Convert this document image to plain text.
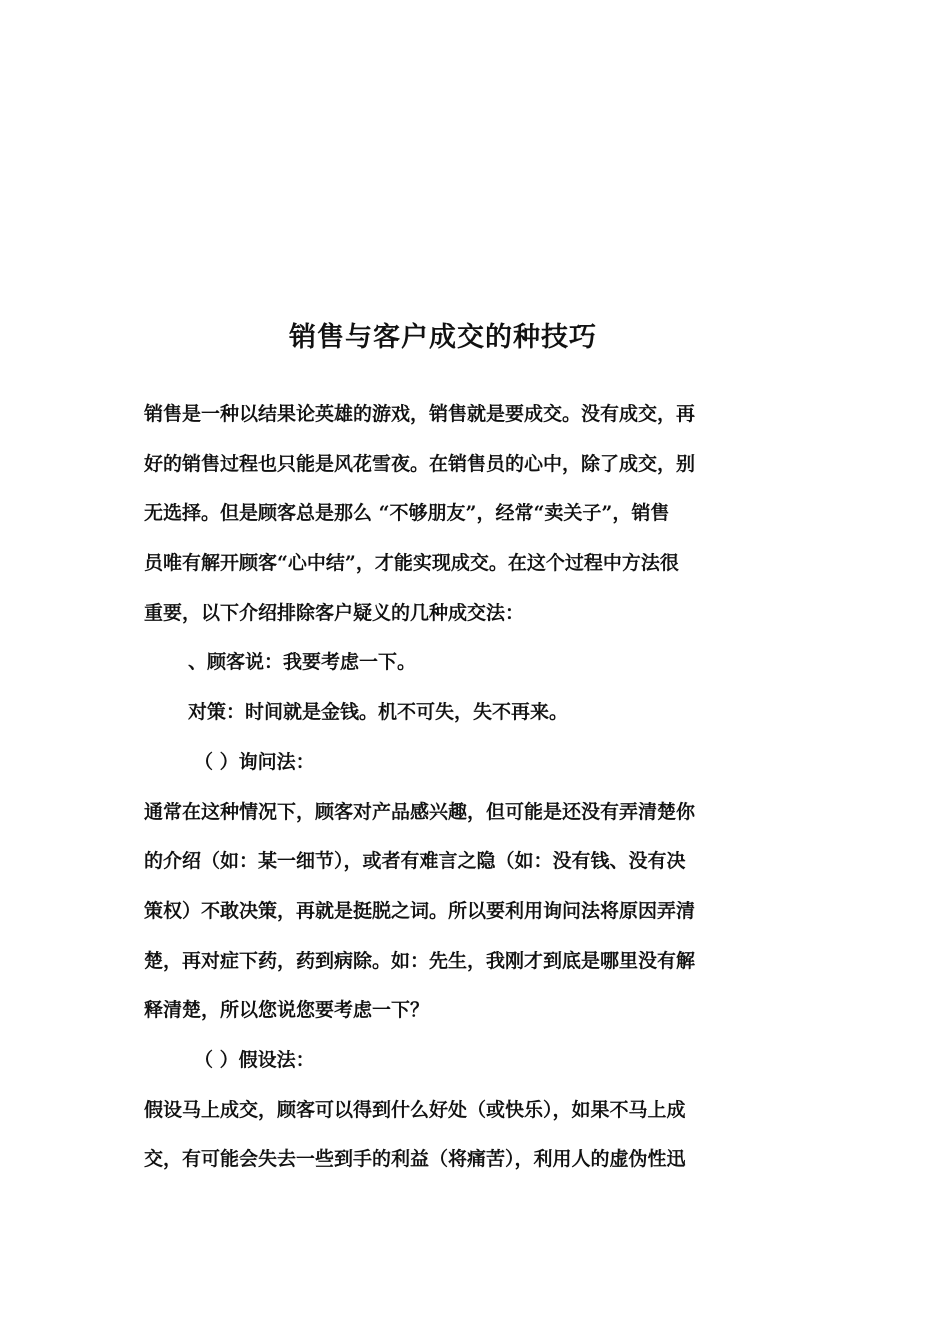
销售与客户成交的种技巧
销售是一种以结果论英雄的游戏，销售就是要成交。没有成交，再
好的销售过程也只能是风花雪夜。在销售员的心中，除了成交，别
无选择。但是顾客总是那么 “不够朋友”，经常“卖关子”，销售
员唯有解开顾客“心中结”，才能实现成交。在这个过程中方法很
重要，以下介绍排除客户疑义的几种成交法：
、顾客说：我要考虑一下。
对策：时间就是金钱。机不可失，失不再来。
（ ）询问法：
通常在这种情况下，顾客对产品感兴趣，但可能是还没有弄清楚你
的介绍（如：某一细节），或者有难言之隐（如：没有钱、没有决
策权）不敢决策，再就是挺脱之词。所以要利用询问法将原因弄清
楚，再对症下药，药到病除。如：先生，我刚才到底是哪里没有解
释清楚，所以您说您要考虑一下？
（ ）假设法：
假设马上成交，顾客可以得到什么好处（或快乐），如果不马上成
交，有可能会失去一些到手的利益（将痛苦），利用人的虚伪性迅
